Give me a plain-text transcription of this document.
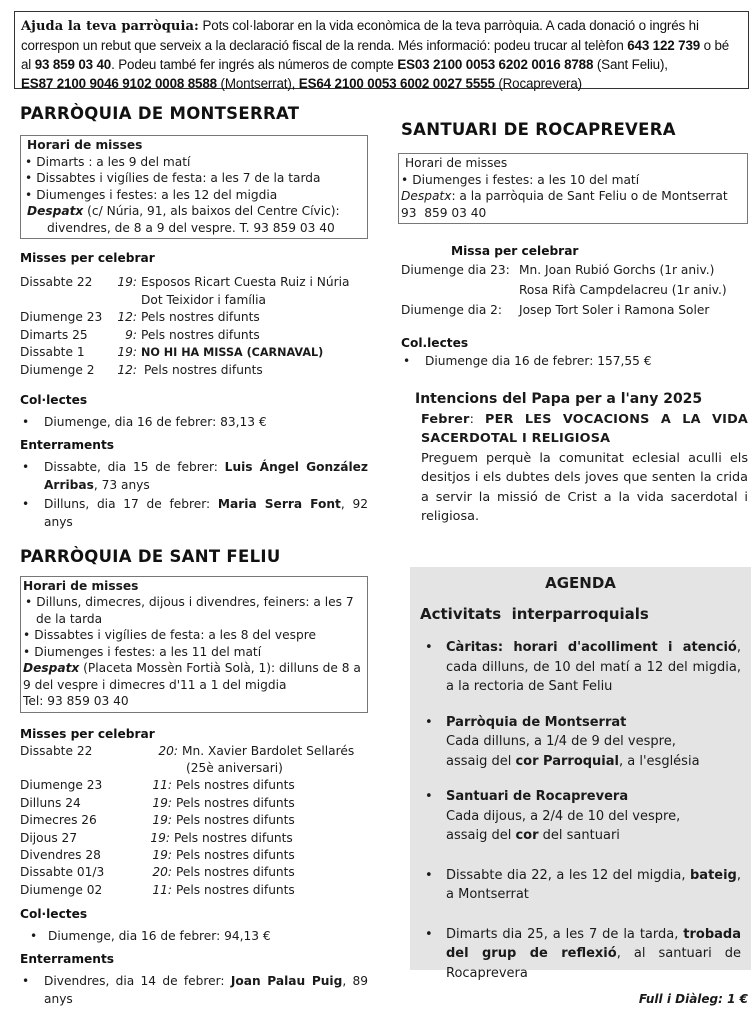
Ajuda la teva parròquia: Pots col·laborar en la vida econòmica de la teva parròquia. A cada donació o ingrés hi correspon un rebut que serveix a la declaració fiscal de la renda. Més informació: podeu trucar al telèfon 643 122 739 o bé al 93 859 03 40. Podeu també fer ingrés als números de compte ES03 2100 0053 6202 0016 8788 (Sant Feliu),
ES87 2100 9046 9102 0008 8588 (Montserrat), ES64 2100 0053 6002 0027 5555 (Rocaprevera)
PARRÒQUIA DE MONTSERRAT
Horari de misses
• Dimarts : a les 9 del matí
• Dissabtes i vigílies de festa: a les 7 de la tarda
• Diumenges i festes: a les 12 del migdia
Despatx (c/ Núria, 91, als baixos del Centre Cívic):
divendres, de 8 a 9 del vespre. T. 93 859 03 40
Misses per celebrar
Dissabte 22	19: Esposos Ricart Cuesta Ruiz i Núria
Dot Teixidor i família
Diumenge 23	12: Pels nostres difunts
Dimarts 25	9: Pels nostres difunts
Dissabte 1	19: NO HI HA MISSA (CARNAVAL)
Diumenge 2	12: Pels nostres difunts
Col·lectes
• Diumenge, dia 16 de febrer: 83,13 €
Enterraments
• Dissabte, dia 15 de febrer: Luis Ángel González Arribas, 73 anys
• Dilluns, dia 17 de febrer: Maria Serra Font, 92 anys
PARRÒQUIA DE SANT FELIU
Horari de misses
• Dilluns, dimecres, dijous i divendres, feiners: a les 7 de la tarda
• Dissabtes i vigílies de festa: a les 8 del vespre
• Diumenges i festes: a les 11 del matí
Despatx (Placeta Mossèn Fortià Solà, 1): dilluns de 8 a 9 del vespre i dimecres d'11 a 1 del migdia
Tel: 93 859 03 40
Misses per celebrar
Dissabte 22	20: Mn. Xavier Bardolet Sellarés
(25è aniversari)
Diumenge 23	11: Pels nostres difunts
Dilluns 24	19: Pels nostres difunts
Dimecres 26	19: Pels nostres difunts
Dijous 27	19: Pels nostres difunts
Divendres 28	19: Pels nostres difunts
Dissabte 01/3	20: Pels nostres difunts
Diumenge 02	11: Pels nostres difunts
Col·lectes
• Diumenge, dia 16 de febrer: 94,13 €
Enterraments
• Divendres, dia 14 de febrer: Joan Palau Puig, 89 anys
SANTUARI DE ROCAPREVERA
Horari de misses
• Diumenges i festes: a les 10 del matí
Despatx: a la parròquia de Sant Feliu o de Montserrat
93  859 03 40
Missa per celebrar
Diumenge dia 23: Mn. Joan Rubió Gorchs (1r aniv.)
Rosa Rifà Campdelacreu (1r aniv.)
Diumenge dia 2:	Josep Tort Soler i Ramona Soler
Col.lectes
• Diumenge dia 16 de febrer: 157,55 €
Intencions del Papa per a l'any 2025
Febrer: PER LES VOCACIONS A LA VIDA SACERDOTAL I RELIGIOSA
Preguem perquè la comunitat eclesial aculli els desitjos i els dubtes dels joves que senten la crida a servir la missió de Crist a la vida sacerdotal i religiosa.
AGENDA
Activitats  interparroquials
• Càritas: horari d'acolliment i atenció, cada dilluns, de 10 del matí a 12 del migdia, a la rectoria de Sant Feliu
• Parròquia de Montserrat
Cada dilluns, a 1/4 de 9 del vespre,
assaig del cor Parroquial, a l'església
• Santuari de Rocaprevera
Cada dijous, a 2/4 de 10 del vespre,
assaig del cor del santuari
• Dissabte dia 22, a les 12 del migdia, bateig, a Montserrat
• Dimarts dia 25, a les 7 de la tarda, trobada del grup de reflexió, al santuari de Rocaprevera
Full i Diàleg: 1 €
